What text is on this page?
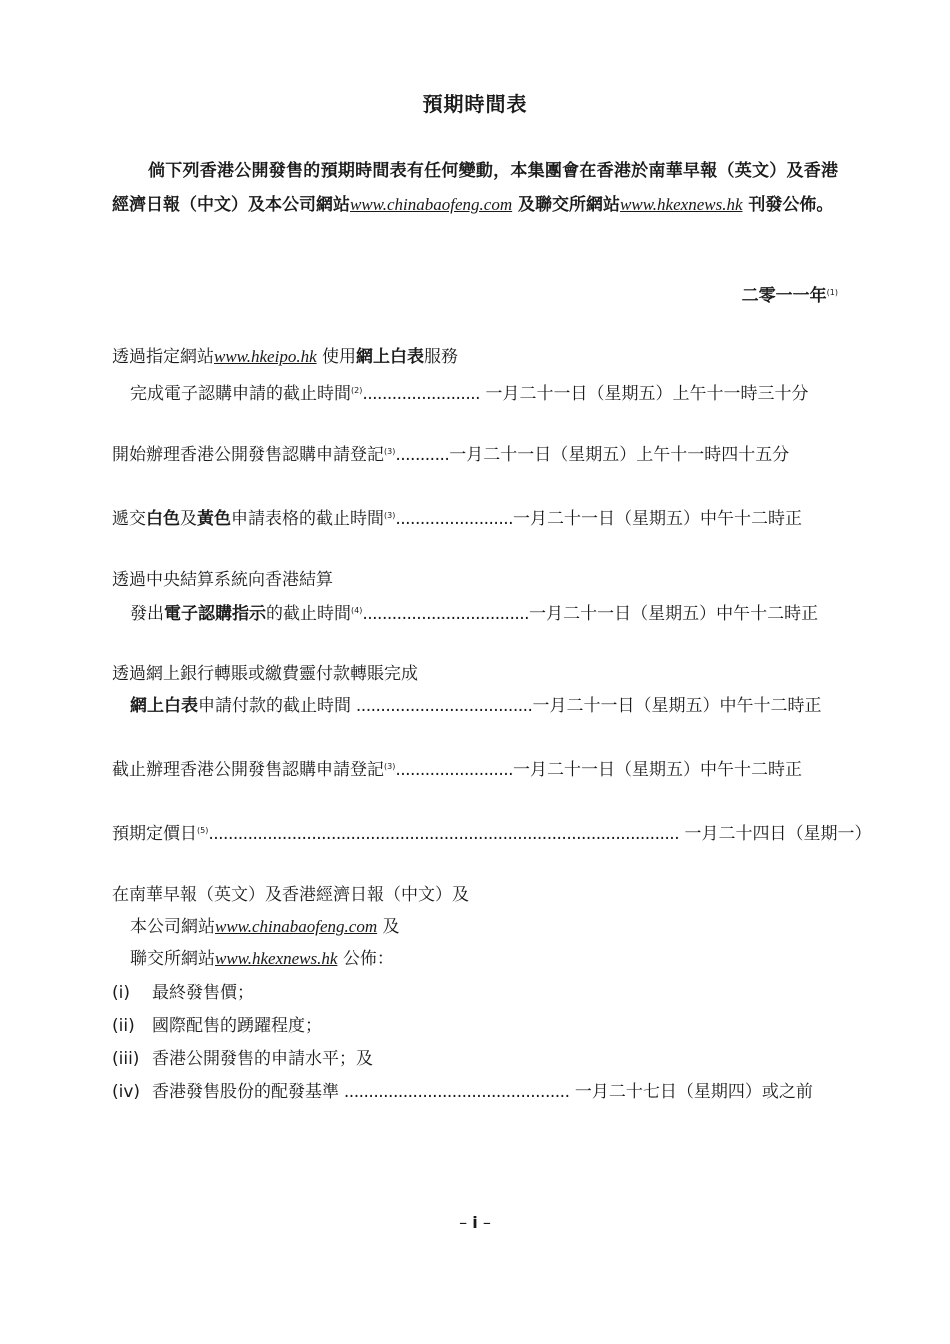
預期時間表
倘下列香港公開發售的預期時間表有任何變動，本集團會在香港於南華早報（英文）及香港經濟日報（中文）及本公司網站www.chinabaofeng.com 及聯交所網站www.hkexnews.hk 刊發公佈。
二零一一年$^{(1)}$
透過指定網站www.hkeipo.hk 使用網上白表服務
完成電子認購申請的截止時間$^{(2)}$........................ 一月二十一日（星期五）上午十一時三十分
開始辦理香港公開發售認購申請登記$^{(3)}$...........一月二十一日（星期五）上午十一時四十五分
遞交白色及黃色申請表格的截止時間$^{(3)}$........................一月二十一日（星期五）中午十二時正
透過中央結算系統向香港結算
發出電子認購指示的截止時間$^{(4)}$..................................一月二十一日（星期五）中午十二時正
透過網上銀行轉賬或繳費靈付款轉賬完成
網上白表申請付款的截止時間 ....................................一月二十一日（星期五）中午十二時正
截止辦理香港公開發售認購申請登記$^{(3)}$........................一月二十一日（星期五）中午十二時正
預期定價日$^{(5)}$................................................................................................ 一月二十四日（星期一）
在南華早報（英文）及香港經濟日報（中文）及
本公司網站www.chinabaofeng.com 及
聯交所網站www.hkexnews.hk 公佈：
(i) 最終發售價；
(ii) 國際配售的踴躍程度；
(iii) 香港公開發售的申請水平；及
(iv) 香港發售股份的配發基準 .............................................. 一月二十七日（星期四）或之前
– i –
